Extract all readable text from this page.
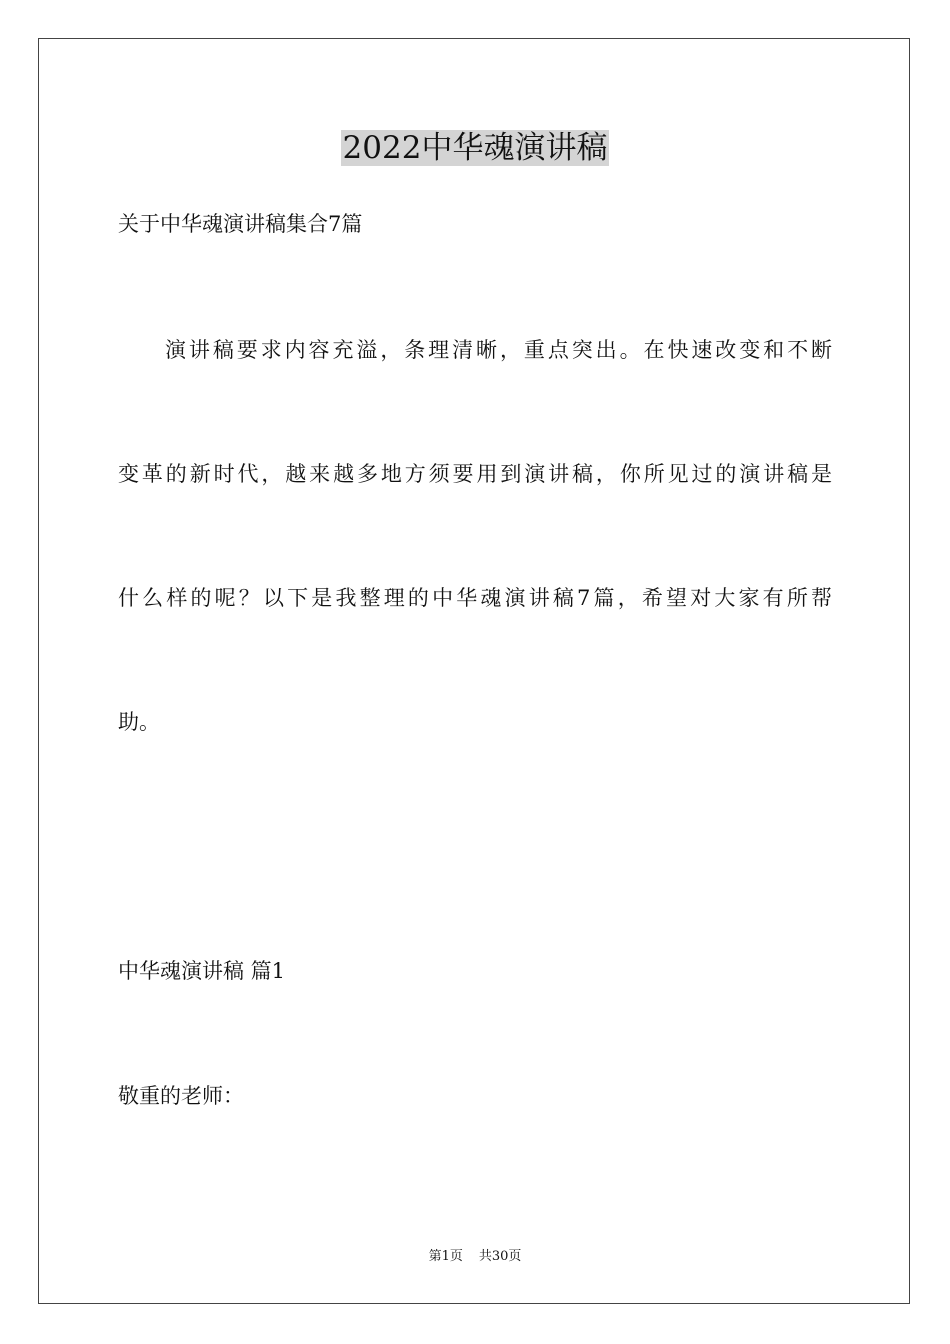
2022中华魂演讲稿
关于中华魂演讲稿集合7篇
演讲稿要求内容充溢，条理清晰，重点突出。在快速改变和不断
变革的新时代，越来越多地方须要用到演讲稿，你所见过的演讲稿是
什么样的呢？以下是我整理的中华魂演讲稿7篇，希望对大家有所帮
助。
中华魂演讲稿 篇1
敬重的老师：
第1页 共30页
